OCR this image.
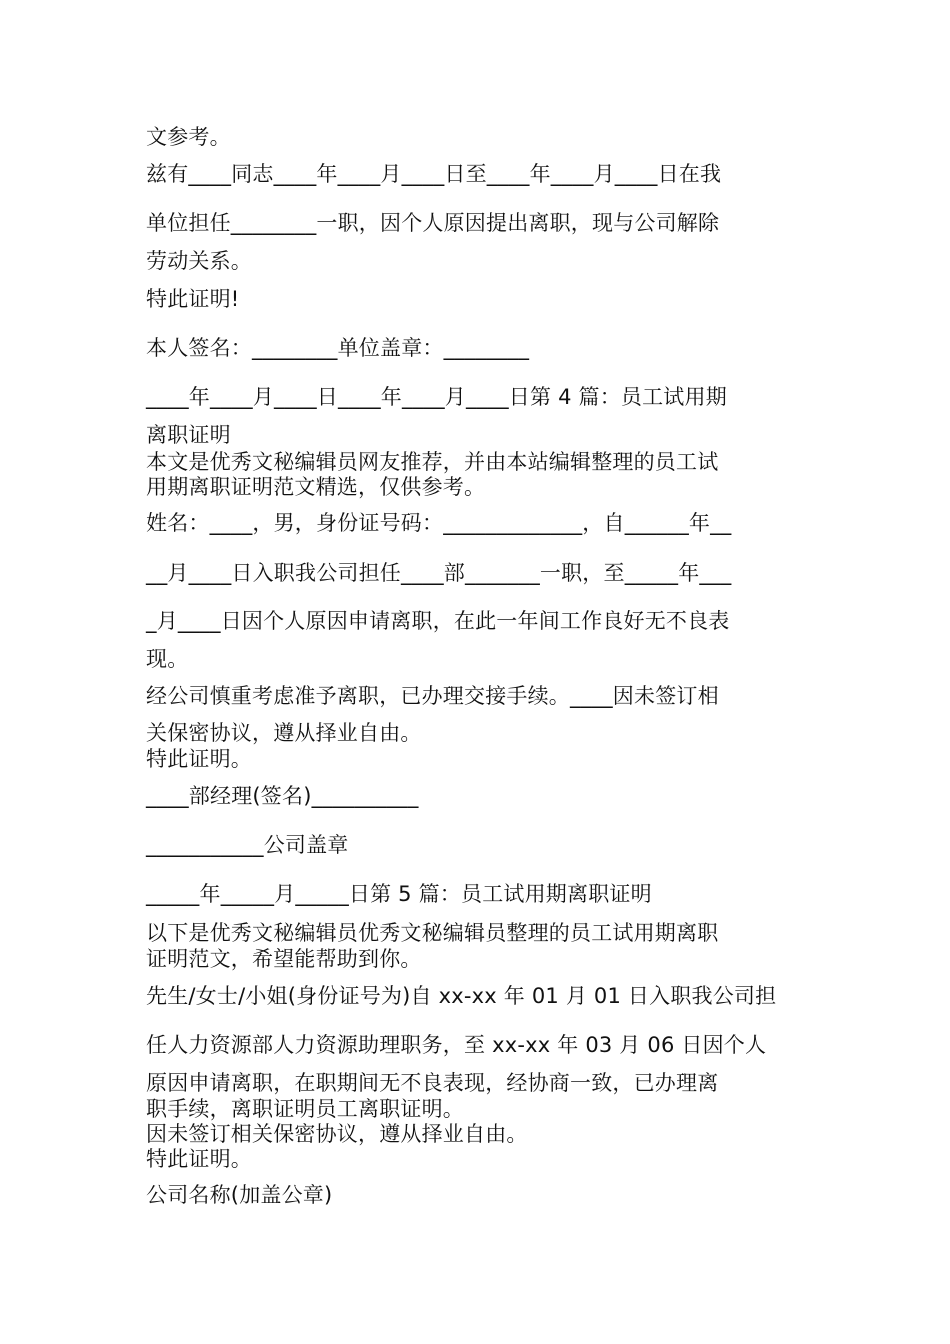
文参考。

兹有____同志____年____月____日至____年____月____日在我

单位担任________一职，因个人原因提出离职，现与公司解除

劳动关系。

特此证明!

本人签名：________单位盖章：________

____年____月____日____年____月____日第 4 篇：员工试用期

离职证明

本文是优秀文秘编辑员网友推荐，并由本站编辑整理的员工试

用期离职证明范文精选，仅供参考。

姓名：____，男，身份证号码：_____________，自______年__

__月____日入职我公司担任____部_______一职，至_____年___

_月____日因个人原因申请离职，在此一年间工作良好无不良表

现。

经公司慎重考虑准予离职，已办理交接手续。____因未签订相

关保密协议，遵从择业自由。

特此证明。

____部经理(签名)__________

___________公司盖章

_____年_____月_____日第 5 篇：员工试用期离职证明

以下是优秀文秘编辑员优秀文秘编辑员整理的员工试用期离职

证明范文，希望能帮助到你。

先生/女士/小姐(身份证号为)自 xx-xx 年 01 月 01 日入职我公司担

任人力资源部人力资源助理职务，至 xx-xx 年 03 月 06 日因个人

原因申请离职，在职期间无不良表现，经协商一致，已办理离

职手续，离职证明员工离职证明。

因未签订相关保密协议，遵从择业自由。

特此证明。

公司名称(加盖公章)
